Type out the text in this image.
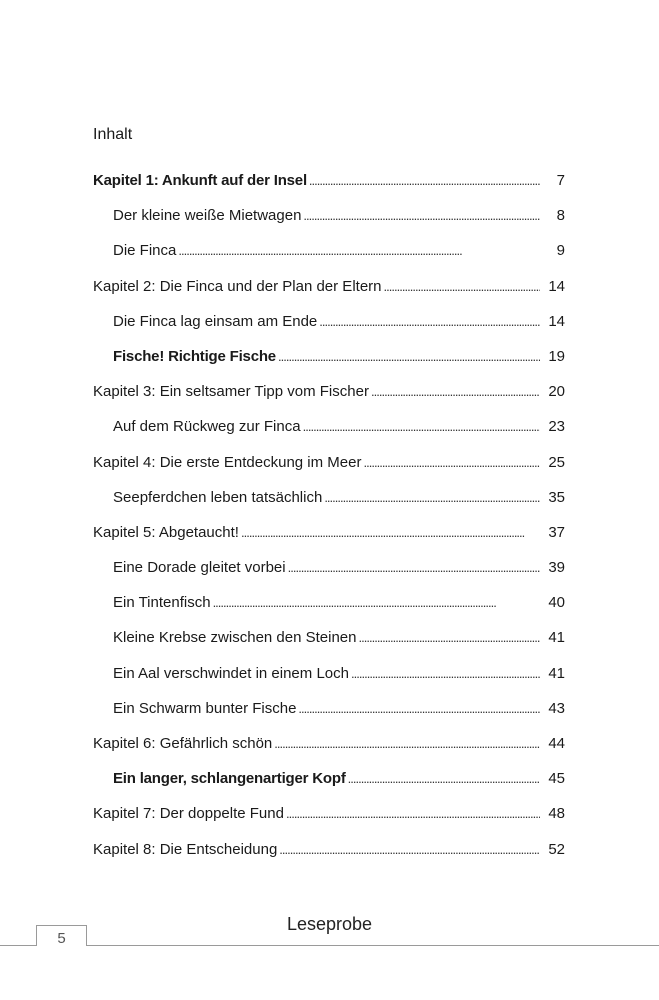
Inhalt
Kapitel 1: Ankunft auf der Insel . . .	7
Der kleine weiße Mietwagen . . .	8
Die Finca . . .	9
Kapitel 2: Die Finca und der Plan der Eltern . . .	14
Die Finca lag einsam am Ende . . .	14
Fische! Richtige Fische . . .	19
Kapitel 3: Ein seltsamer Tipp vom Fischer . . .	20
Auf dem Rückweg zur Finca . . .	23
Kapitel 4: Die erste Entdeckung im Meer . . .	25
Seepferdchen leben tatsächlich . . .	35
Kapitel 5: Abgetaucht! . . .	37
Eine Dorade gleitet vorbei . . .	39
Ein Tintenfisch . . .	40
Kleine Krebse zwischen den Steinen . . .	41
Ein Aal verschwindet in einem Loch . . .	41
Ein Schwarm bunter Fische . . .	43
Kapitel 6: Gefährlich schön . . .	44
Ein langer, schlangenartiger Kopf . . .	45
Kapitel 7: Der doppelte Fund . . .	48
Kapitel 8: Die Entscheidung . . .	52
5
Leseprobe
